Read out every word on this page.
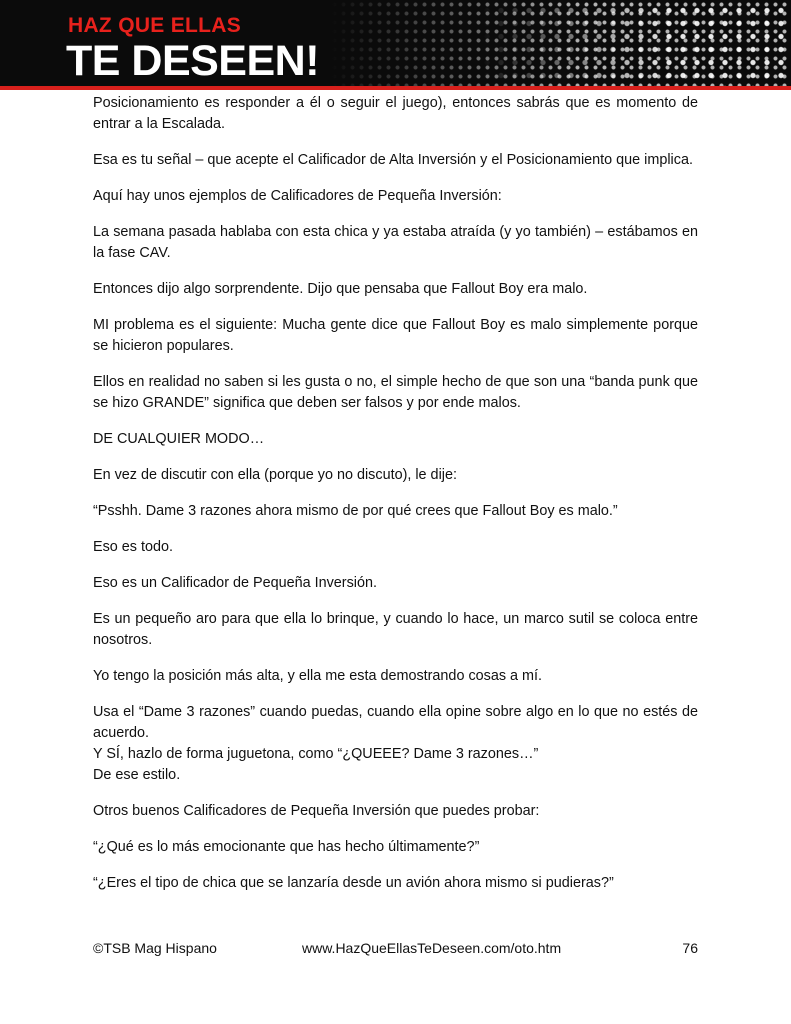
HAZ QUE ELLAS
TE DESEEN!

Posicionamiento es responder a él o seguir el juego), entonces sabrás que es momento de entrar a la Escalada.

Esa es tu señal – que acepte el Calificador de Alta Inversión y el Posicionamiento que implica.

Aquí hay unos ejemplos de Calificadores de Pequeña Inversión:

La semana pasada hablaba con esta chica y ya estaba atraída (y yo también) – estábamos en la fase CAV.

Entonces dijo algo sorprendente. Dijo que pensaba que Fallout Boy era malo.

MI problema es el siguiente: Mucha gente dice que Fallout Boy es malo simplemente porque se hicieron populares.

Ellos en realidad no saben si les gusta o no, el simple hecho de que son una “banda punk que se hizo GRANDE” significa que deben ser falsos y por ende malos.

DE CUALQUIER MODO…

En vez de discutir con ella (porque yo no discuto), le dije:

“Psshh. Dame 3 razones ahora mismo de por qué crees que Fallout Boy es malo.”

Eso es todo.

Eso es un Calificador de Pequeña Inversión.

Es un pequeño aro para que ella lo brinque, y cuando lo hace, un marco sutil se coloca entre nosotros.

Yo tengo la posición más alta, y ella me esta demostrando cosas a mí.

Usa el “Dame 3 razones” cuando puedas, cuando ella opine sobre algo en lo que no estés de acuerdo.

Y SÍ, hazlo de forma juguetona, como “¿QUEEE? Dame 3 razones…”

De ese estilo.

Otros buenos Calificadores de Pequeña Inversión que puedes probar:

“¿Qué es lo más emocionante que has hecho últimamente?”

“¿Eres el tipo de chica que se lanzaría desde un avión ahora mismo si pudieras?”

©TSB Mag Hispano	www.HazQueEllasTeDeseen.com/oto.htm	76
